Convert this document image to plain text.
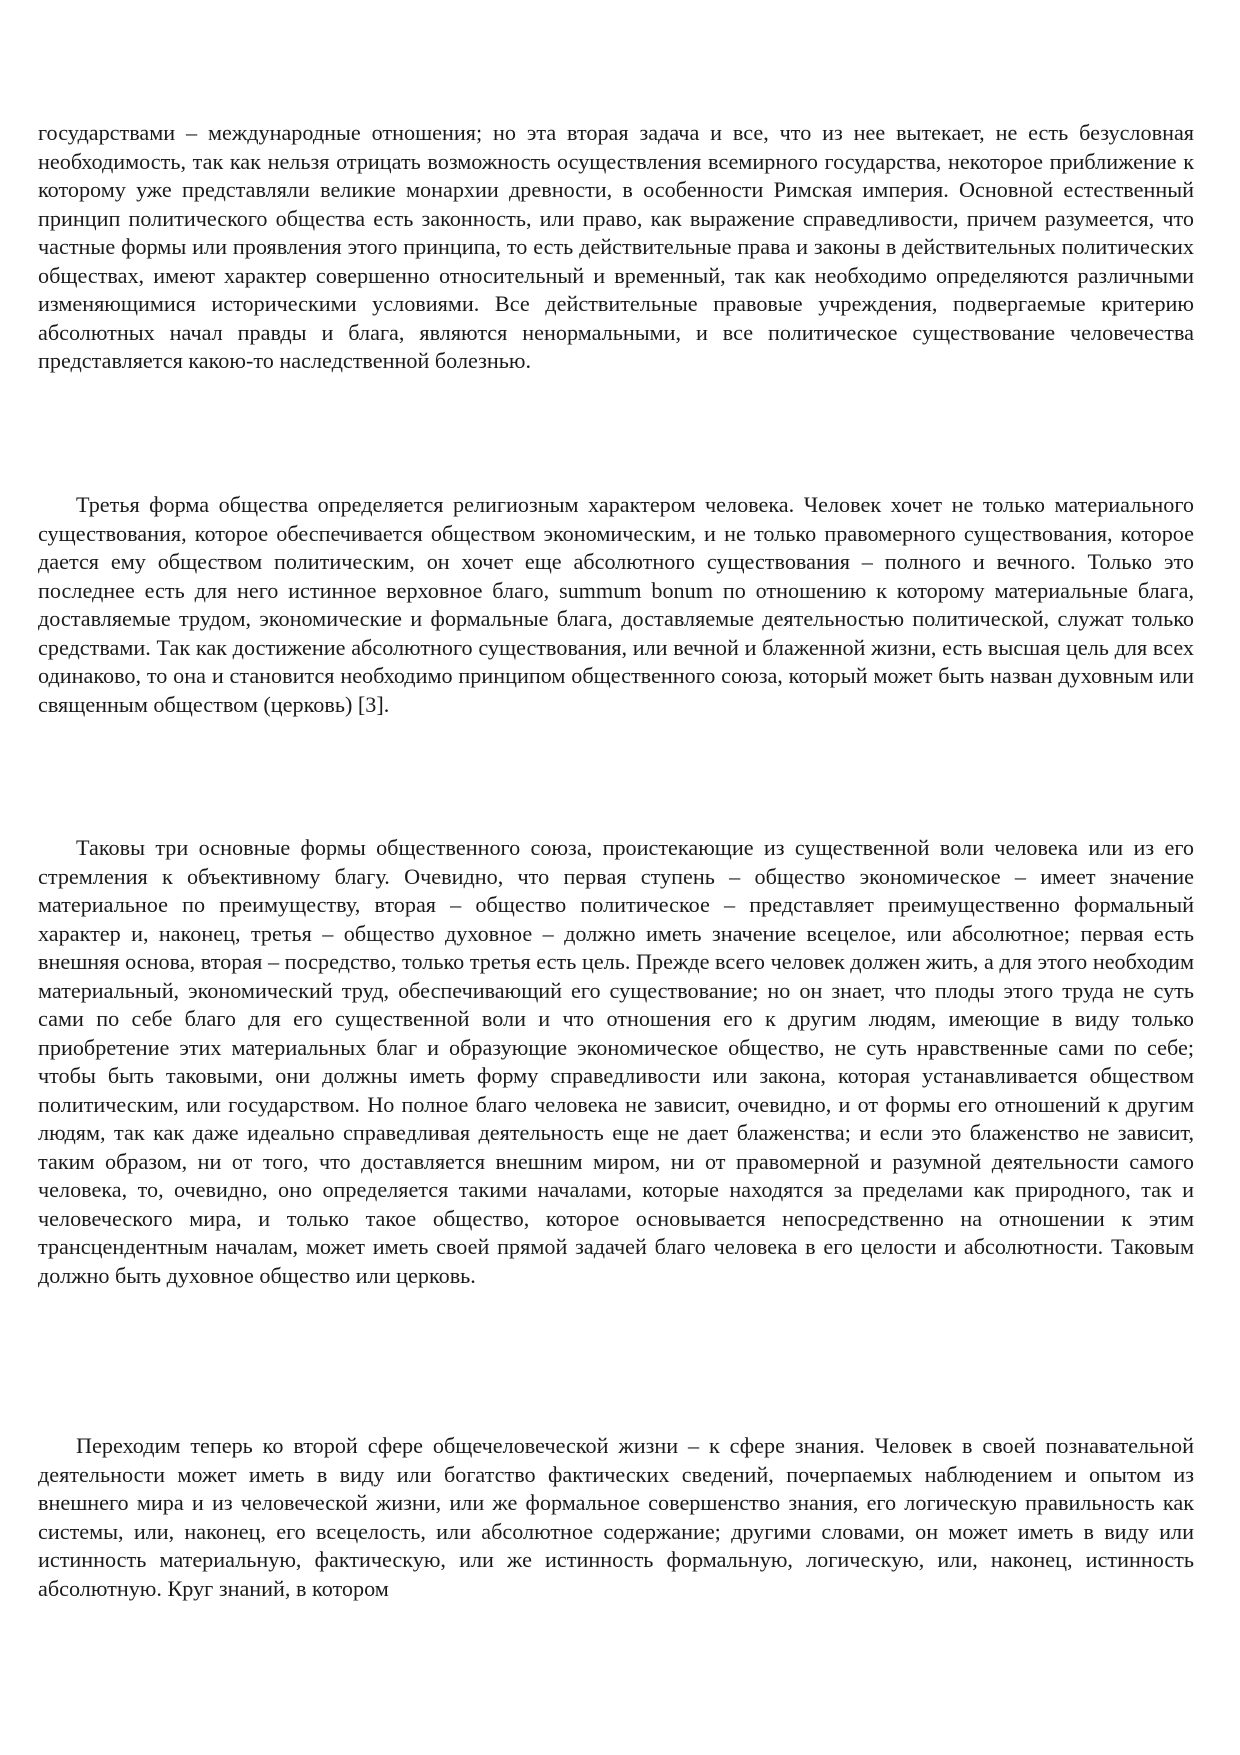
государствами – международные отношения; но эта вторая задача и все, что из нее вытекает, не есть безусловная необходимость, так как нельзя отрицать возможность осуществления всемирного государства, некоторое приближение к которому уже представляли великие монархии древности, в особенности Римская империя. Основной естественный принцип политического общества есть законность, или право, как выражение справедливости, причем разумеется, что частные формы или проявления этого принципа, то есть действительные права и законы в действительных политических обществах, имеют характер совершенно относительный и временный, так как необходимо определяются различными изменяющимися историческими условиями. Все действительные правовые учреждения, подвергаемые критерию абсолютных начал правды и блага, являются ненормальными, и все политическое существование человечества представляется какою-то наследственной болезнью.

Третья форма общества определяется религиозным характером человека. Человек хочет не только материального существования, которое обеспечивается обществом экономическим, и не только правомерного существования, которое дается ему обществом политическим, он хочет еще абсолютного существования – полного и вечного. Только это последнее есть для него истинное верховное благо, summum bonum по отношению к которому материальные блага, доставляемые трудом, экономические и формальные блага, доставляемые деятельностью политической, служат только средствами. Так как достижение абсолютного существования, или вечной и блаженной жизни, есть высшая цель для всех одинаково, то она и становится необходимо принципом общественного союза, который может быть назван духовным или священным обществом (церковь) [3].

Таковы три основные формы общественного союза, проистекающие из существенной воли человека или из его стремления к объективному благу. Очевидно, что первая ступень – общество экономическое – имеет значение материальное по преимуществу, вторая – общество политическое – представляет преимущественно формальный характер и, наконец, третья – общество духовное – должно иметь значение всецелое, или абсолютное; первая есть внешняя основа, вторая – посредство, только третья есть цель. Прежде всего человек должен жить, а для этого необходим материальный, экономический труд, обеспечивающий его существование; но он знает, что плоды этого труда не суть сами по себе благо для его существенной воли и что отношения его к другим людям, имеющие в виду только приобретение этих материальных благ и образующие экономическое общество, не суть нравственные сами по себе; чтобы быть таковыми, они должны иметь форму справедливости или закона, которая устанавливается обществом политическим, или государством. Но полное благо человека не зависит, очевидно, и от формы его отношений к другим людям, так как даже идеально справедливая деятельность еще не дает блаженства; и если это блаженство не зависит, таким образом, ни от того, что доставляется внешним миром, ни от правомерной и разумной деятельности самого человека, то, очевидно, оно определяется такими началами, которые находятся за пределами как природного, так и человеческого мира, и только такое общество, которое основывается непосредственно на отношении к этим трансцендентным началам, может иметь своей прямой задачей благо человека в его целости и абсолютности. Таковым должно быть духовное общество или церковь.

Переходим теперь ко второй сфере общечеловеческой жизни – к сфере знания. Человек в своей познавательной деятельности может иметь в виду или богатство фактических сведений, почерпаемых наблюдением и опытом из внешнего мира и из человеческой жизни, или же формальное совершенство знания, его логическую правильность как системы, или, наконец, его всецелость, или абсолютное содержание; другими словами, он может иметь в виду или истинность материальную, фактическую, или же истинность формальную, логическую, или, наконец, истинность абсолютную. Круг знаний, в котором
